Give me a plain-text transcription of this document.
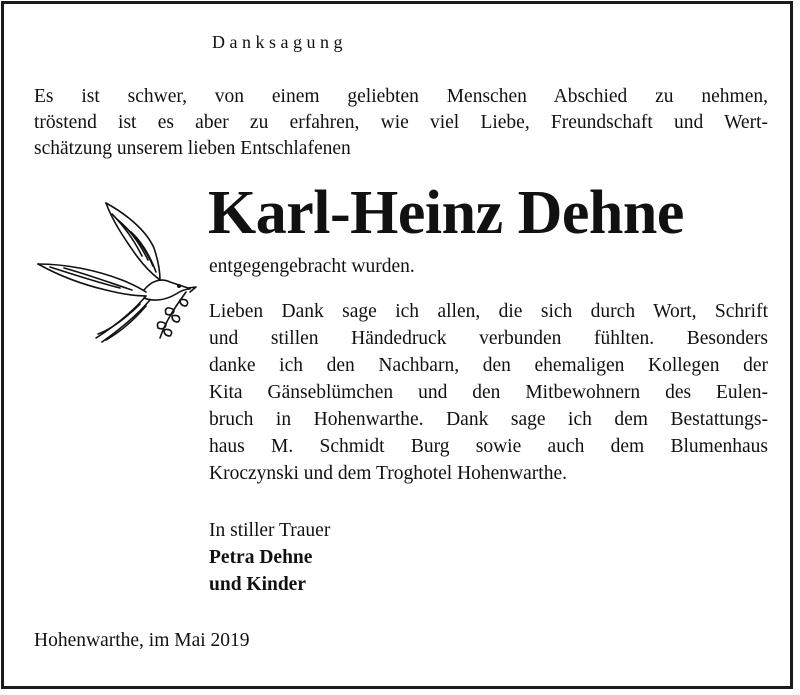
Danksagung
Es ist schwer, von einem geliebten Menschen Abschied zu nehmen,
tröstend ist es aber zu erfahren, wie viel Liebe, Freundschaft und Wert-
schätzung unserem lieben Entschlafenen
Karl-Heinz Dehne
entgegengebracht wurden.
Lieben Dank sage ich allen, die sich durch Wort, Schrift
und stillen Händedruck verbunden fühlten. Besonders
danke ich den Nachbarn, den ehemaligen Kollegen der
Kita Gänseblümchen und den Mitbewohnern des Eulen-
bruch in Hohenwarthe. Dank sage ich dem Bestattungs-
haus M. Schmidt Burg sowie auch dem Blumenhaus
Kroczynski und dem Troghotel Hohenwarthe.
In stiller Trauer
Petra Dehne
und Kinder
Hohenwarthe, im Mai 2019
